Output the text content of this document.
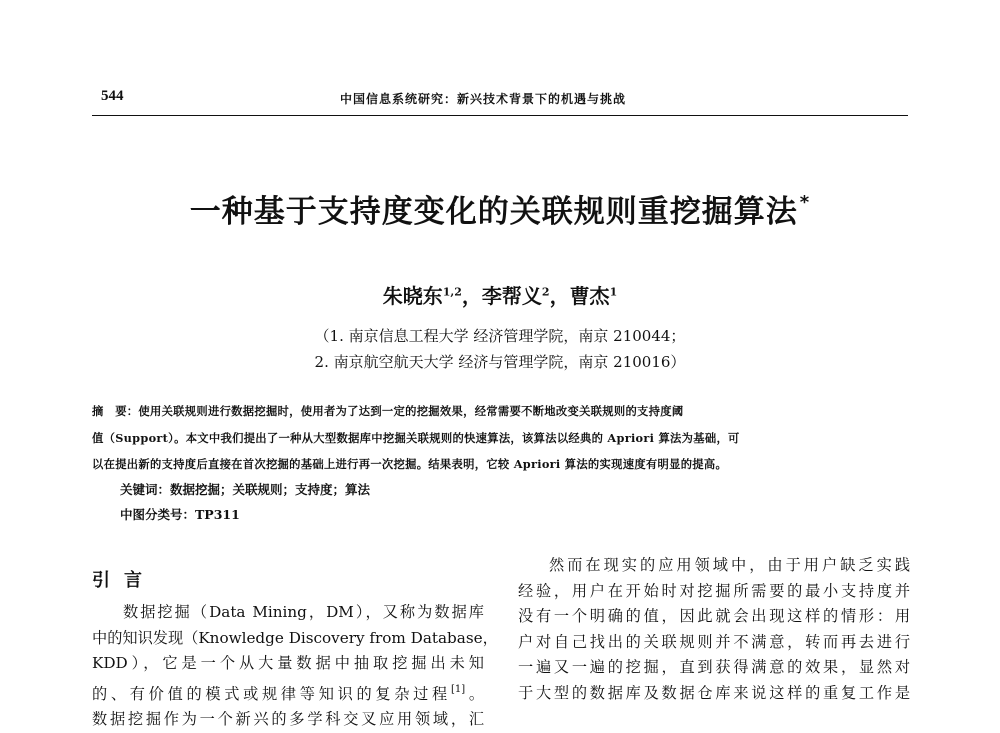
544	中国信息系统研究：新兴技术背景下的机遇与挑战
一种基于支持度变化的关联规则重挖掘算法 *
朱晓东$^{1,2}$，李帮义$^2$，曹杰$^1$
（1. 南京信息工程大学 经济管理学院，南京 210044；
2. 南京航空航天大学 经济与管理学院，南京 210016）
摘　要：使用关联规则进行数据挖掘时，使用者为了达到一定的挖掘效果，经常需要不断地改变关联规则的支持度阈
值（Support）。本文中我们提出了一种从大型数据库中挖掘关联规则的快速算法，该算法以经典的 Apriori 算法为基础，可
以在提出新的支持度后直接在首次挖掘的基础上进行再一次挖掘。结果表明，它较 Apriori 算法的实现速度有明显的提高。
关键词：数据挖掘；关联规则；支持度；算法
中图分类号：TP311
引言

数据挖掘（Data Mining，DM），又称为数据库

中的知识发现（Knowledge Discovery from Database，

KDD），它是一个从大量数据中抽取挖掘出未知

的、有价值的模式或规律等知识的复杂过程[1]。

数据挖掘作为一个新兴的多学科交叉应用领域，汇

然而在现实的应用领域中，由于用户缺乏实践

经验，用户在开始时对挖掘所需要的最小支持度并

没有一个明确的值，因此就会出现这样的情形：用

户对自己找出的关联规则并不满意，转而再去进行

一遍又一遍的挖掘，直到获得满意的效果，显然对

于大型的数据库及数据仓库来说这样的重复工作是
